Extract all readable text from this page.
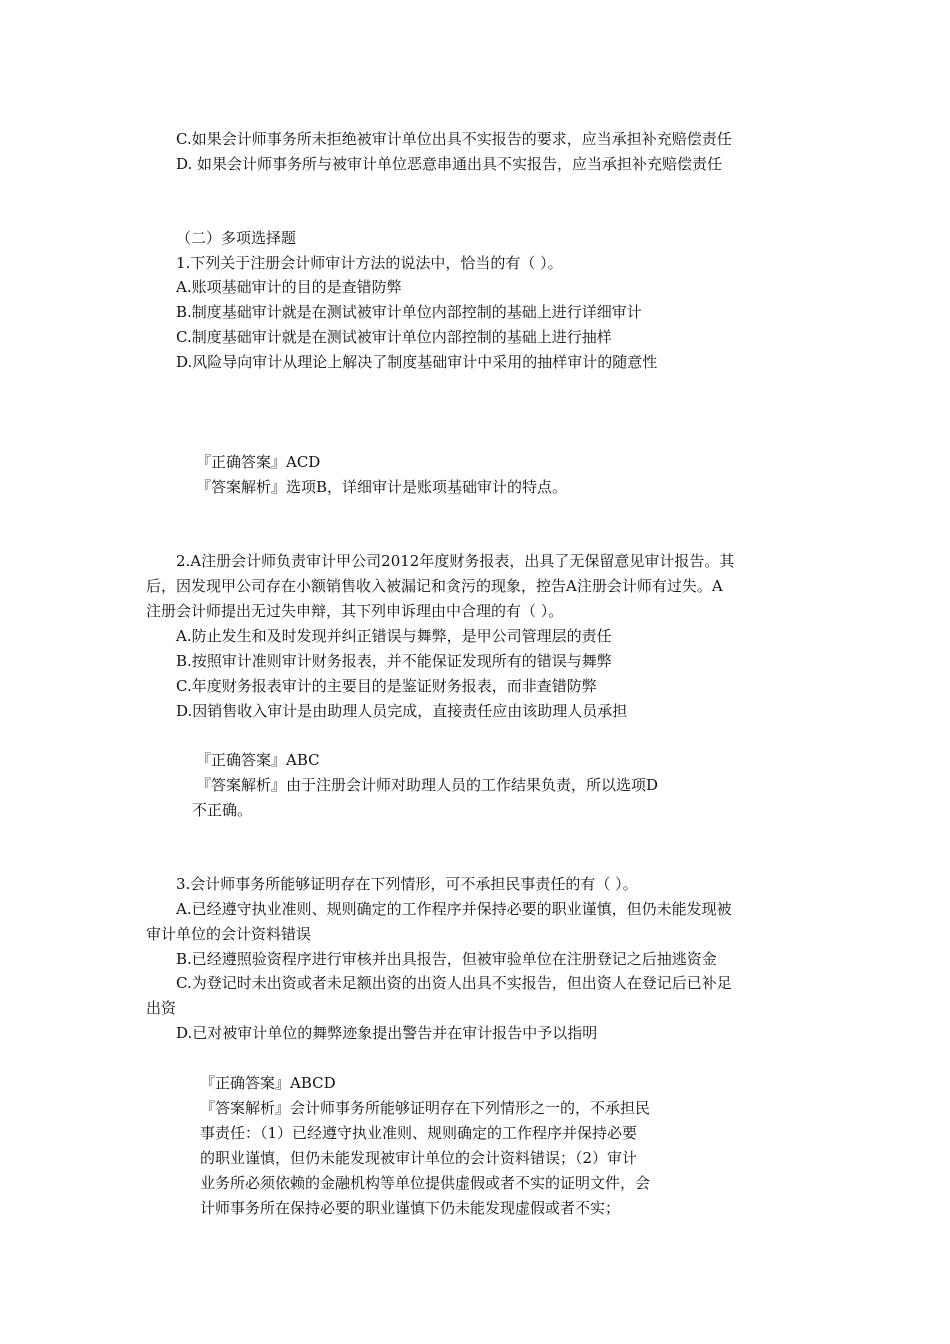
C.如果会计师事务所未拒绝被审计单位出具不实报告的要求，应当承担补充赔偿责任
D. 如果会计师事务所与被审计单位恶意串通出具不实报告，应当承担补充赔偿责任
（二）多项选择题
1.下列关于注册会计师审计方法的说法中，恰当的有（ ）。
A.账项基础审计的目的是查错防弊
B.制度基础审计就是在测试被审计单位内部控制的基础上进行详细审计
C.制度基础审计就是在测试被审计单位内部控制的基础上进行抽样
D.风险导向审计从理论上解决了制度基础审计中采用的抽样审计的随意性
『正确答案』ACD
『答案解析』选项B，详细审计是账项基础审计的特点。
2.A注册会计师负责审计甲公司2012年度财务报表，出具了无保留意见审计报告。其
后，因发现甲公司存在小额销售收入被漏记和贪污的现象，控告A注册会计师有过失。A
注册会计师提出无过失申辩，其下列申诉理由中合理的有（ ）。
A.防止发生和及时发现并纠正错误与舞弊，是甲公司管理层的责任
B.按照审计准则审计财务报表，并不能保证发现所有的错误与舞弊
C.年度财务报表审计的主要目的是鉴证财务报表，而非查错防弊
D.因销售收入审计是由助理人员完成，直接责任应由该助理人员承担
『正确答案』ABC
『答案解析』由于注册会计师对助理人员的工作结果负责，所以选项D
不正确。
3.会计师事务所能够证明存在下列情形，可不承担民事责任的有（ ）。
A.已经遵守执业准则、规则确定的工作程序并保持必要的职业谨慎，但仍未能发现被
审计单位的会计资料错误
B.已经遵照验资程序进行审核并出具报告，但被审验单位在注册登记之后抽逃资金
C.为登记时未出资或者未足额出资的出资人出具不实报告，但出资人在登记后已补足
出资
D.已对被审计单位的舞弊迹象提出警告并在审计报告中予以指明
『正确答案』ABCD
『答案解析』会计师事务所能够证明存在下列情形之一的，不承担民
事责任：（1）已经遵守执业准则、规则确定的工作程序并保持必要
的职业谨慎，但仍未能发现被审计单位的会计资料错误；（2）审计
业务所必须依赖的金融机构等单位提供虚假或者不实的证明文件，会
计师事务所在保持必要的职业谨慎下仍未能发现虚假或者不实；
